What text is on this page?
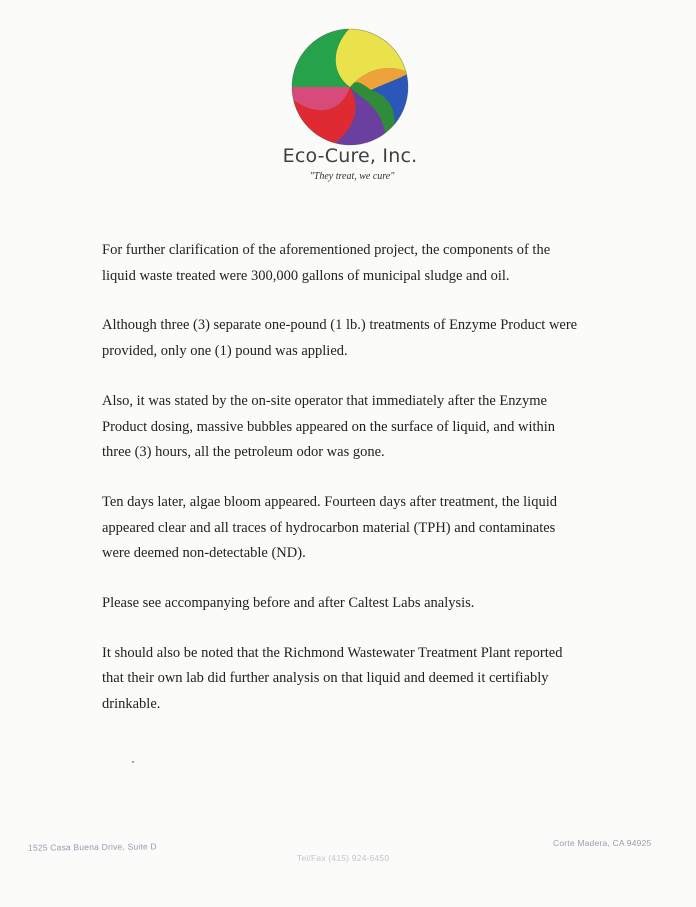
Eco-Cure, Inc.
"They treat, we cure"

For further clarification of the aforementioned project, the components of the
liquid waste treated were 300,000 gallons of municipal sludge and oil.

Although three (3) separate one-pound (1 lb.) treatments of Enzyme Product were
provided, only one (1) pound was applied.

Also, it was stated by the on-site operator that immediately after the Enzyme
Product dosing, massive bubbles appeared on the surface of liquid, and within
three (3) hours, all the petroleum odor was gone.

Ten days later, algae bloom appeared. Fourteen days after treatment, the liquid
appeared clear and all traces of hydrocarbon material (TPH) and contaminates
were deemed non-detectable (ND).

Please see accompanying before and after Caltest Labs analysis.

It should also be noted that the Richmond Wastewater Treatment Plant reported
that their own lab did further analysis on that liquid and deemed it certifiably
drinkable.

1525 Casa Buena Drive, Suite D
Tel/Fax (415) 924-6450
Corte Madera, CA 94925
